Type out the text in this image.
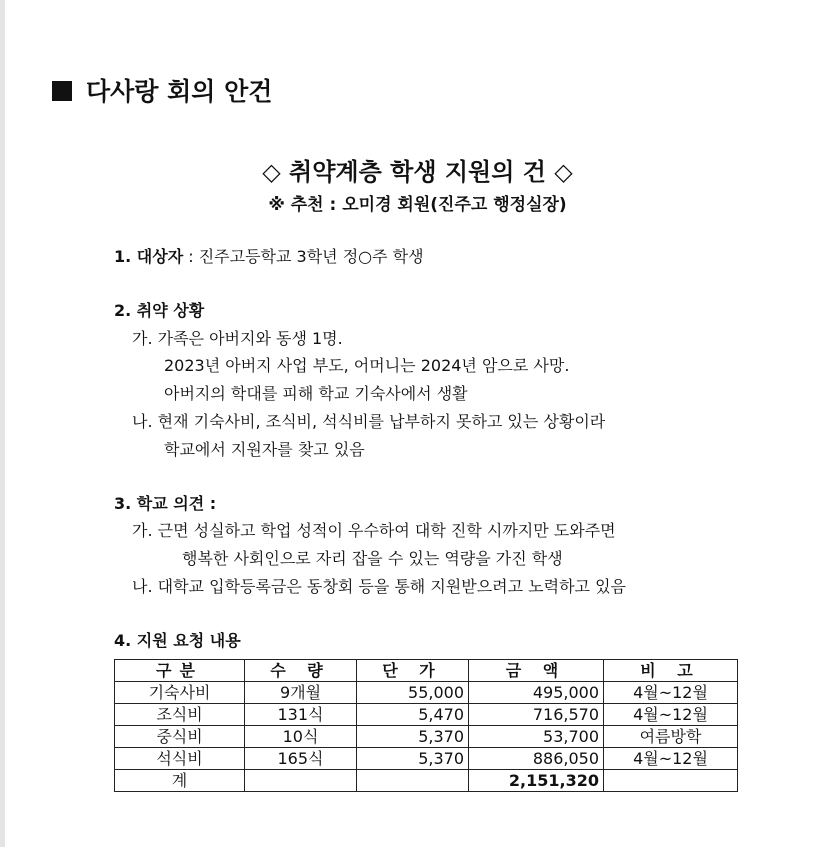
다사랑 회의 안건
◇ 취약계층 학생 지원의 건 ◇
※ 추천 : 오미경 회원(진주고 행정실장)
1. 대상자 : 진주고등학교 3학년 정○주 학생
2. 취약 상황
가. 가족은 아버지와 동생 1명.
2023년 아버지 사업 부도, 어머니는 2024년 암으로 사망.
아버지의 학대를 피해 학교 기숙사에서 생활
나. 현재 기숙사비, 조식비, 석식비를 납부하지 못하고 있는 상황이라
학교에서 지원자를 찾고 있음
3. 학교 의견 :
가. 근면 성실하고 학업 성적이 우수하여 대학 진학 시까지만 도와주면
행복한 사회인으로 자리 잡을 수 있는 역량을 가진 학생
나. 대학교 입학등록금은 동창회 등을 통해 지원받으려고 노력하고 있음
4. 지원 요청 내용
구분	수 량	단 가	금 액	비 고
기숙사비	9개월	55,000	495,000	4월~12월
조식비	131식	5,470	716,570	4월~12월
중식비	10식	5,370	53,700	여름방학
석식비	165식	5,370	886,050	4월~12월
계			2,151,320	
